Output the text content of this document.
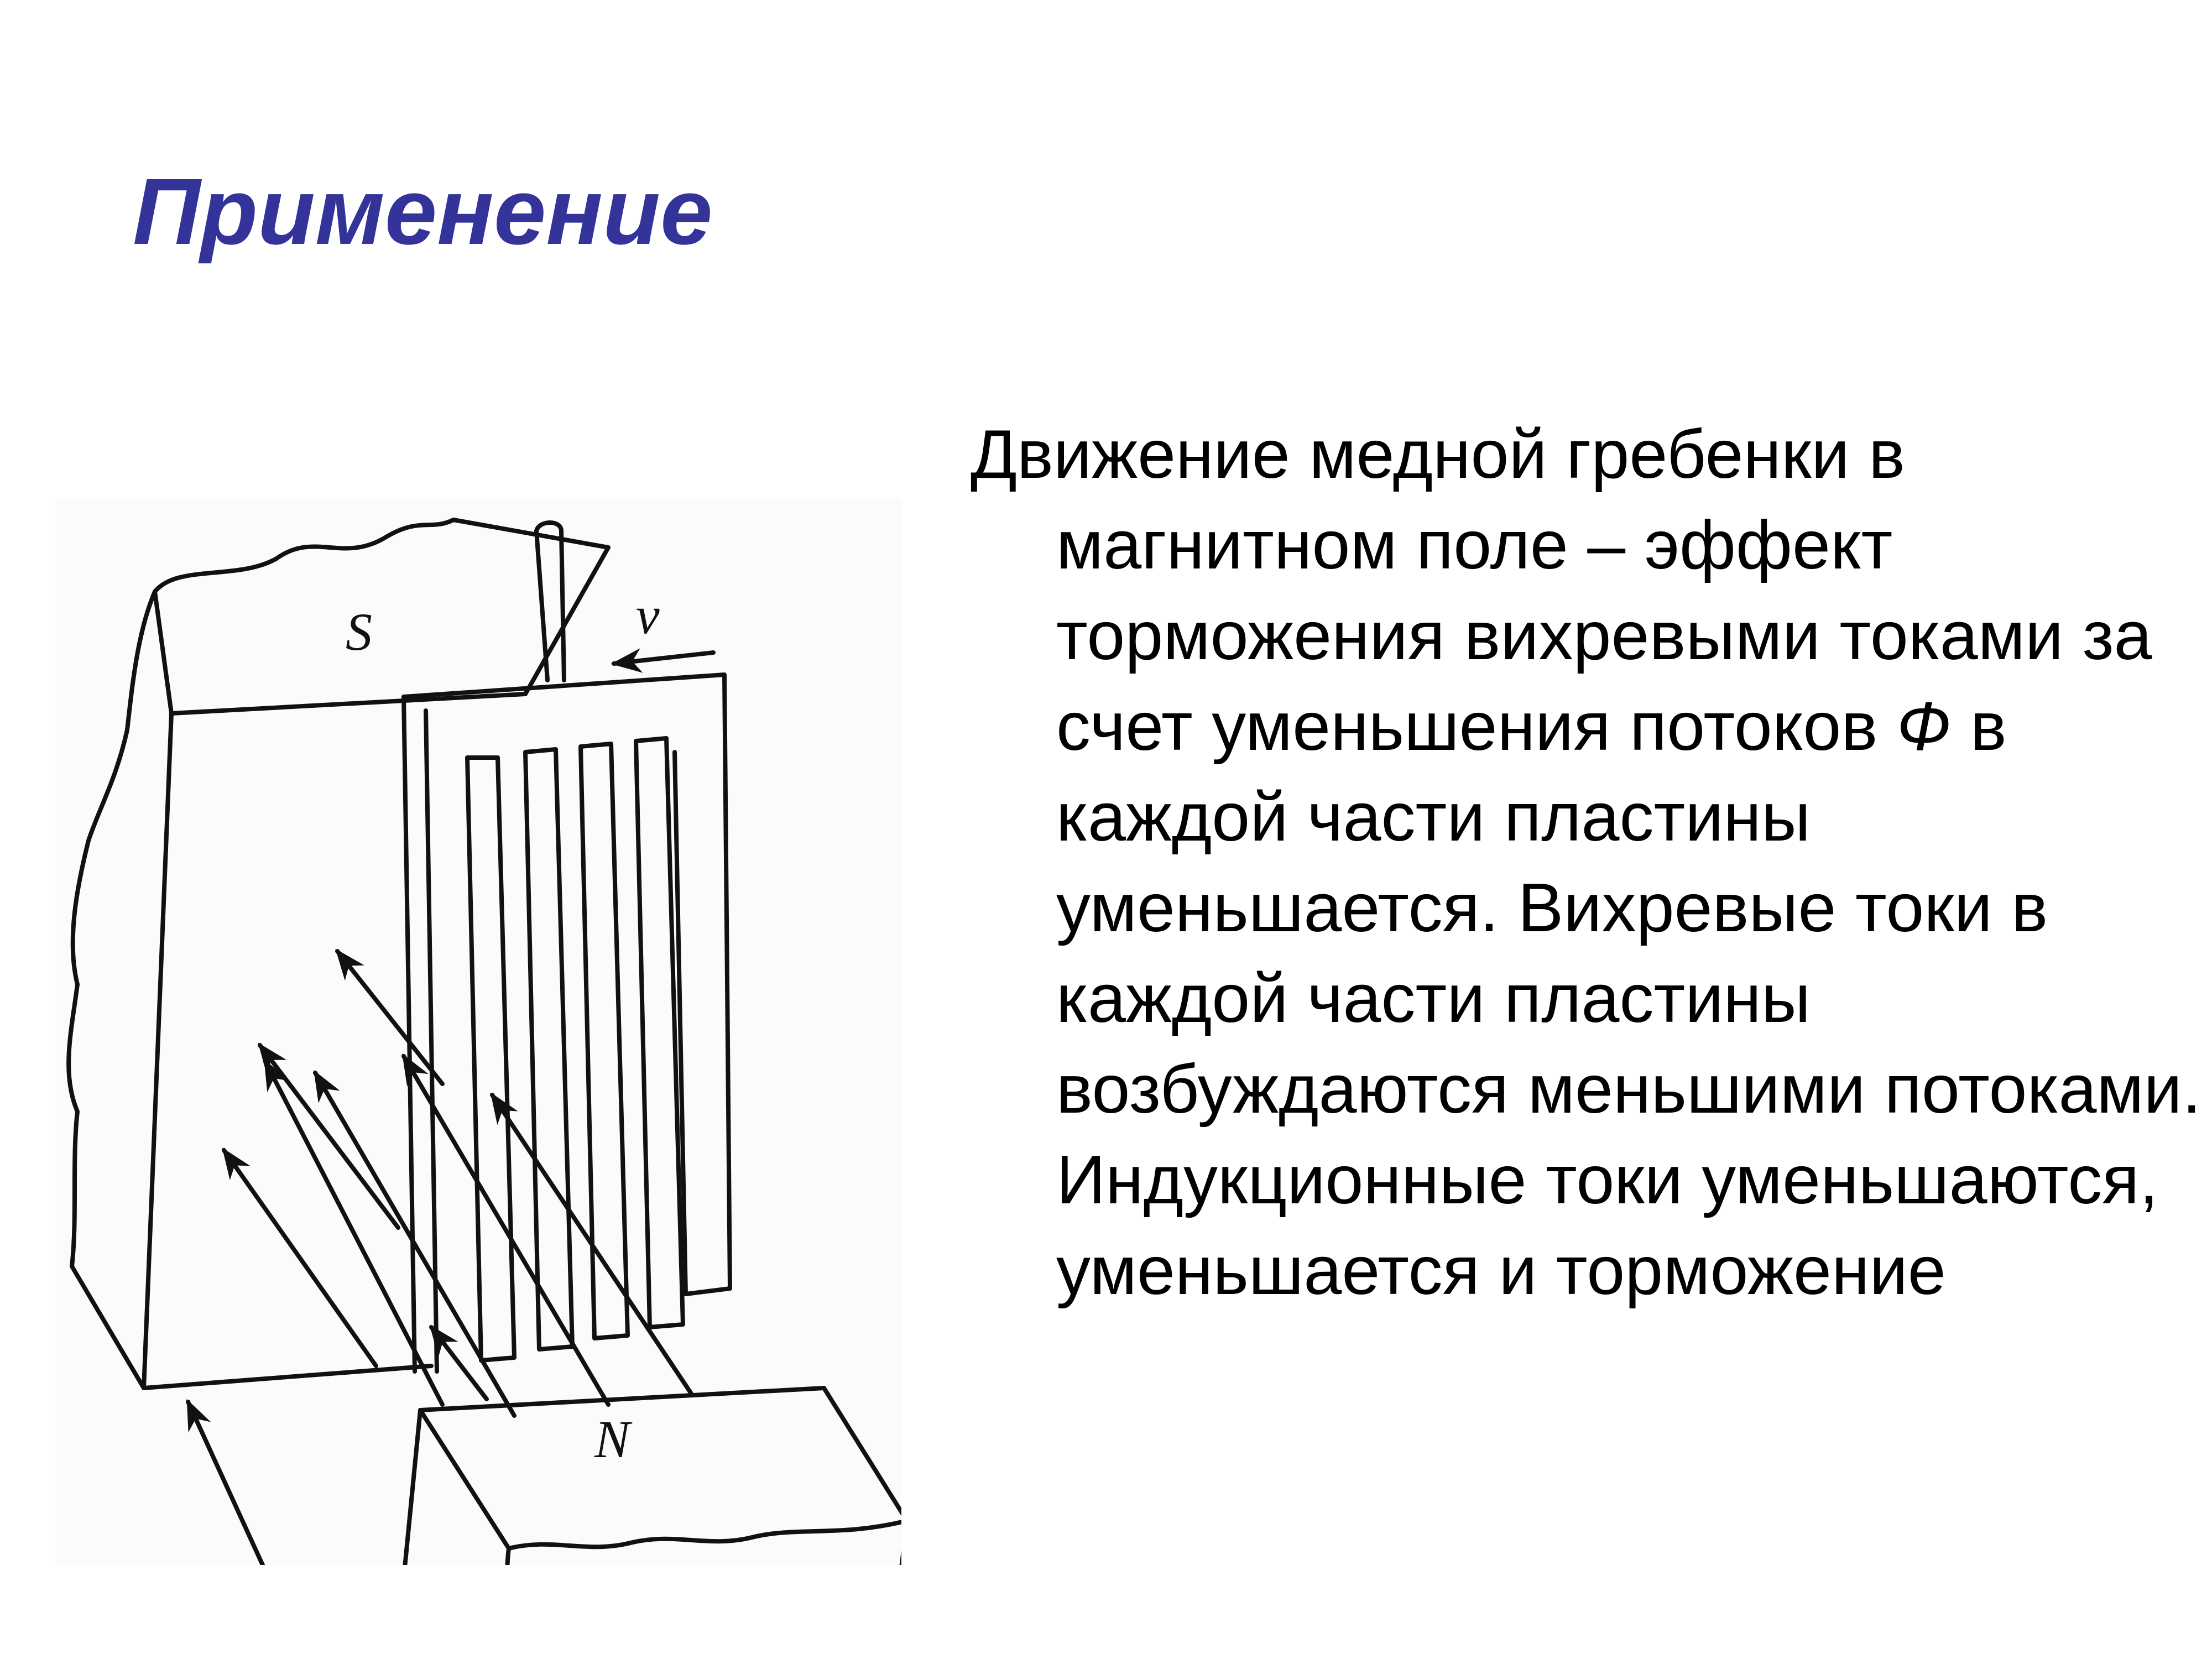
Применение
S	v
N

Движение медной гребенки в магнитном поле – эффект торможения вихревыми токами за счет уменьшения потоков Ф в каждой части пластины уменьшается. Вихревые токи в каждой части пластины возбуждаются меньшими потоками. Индукционные токи уменьшаются, уменьшается и торможение
